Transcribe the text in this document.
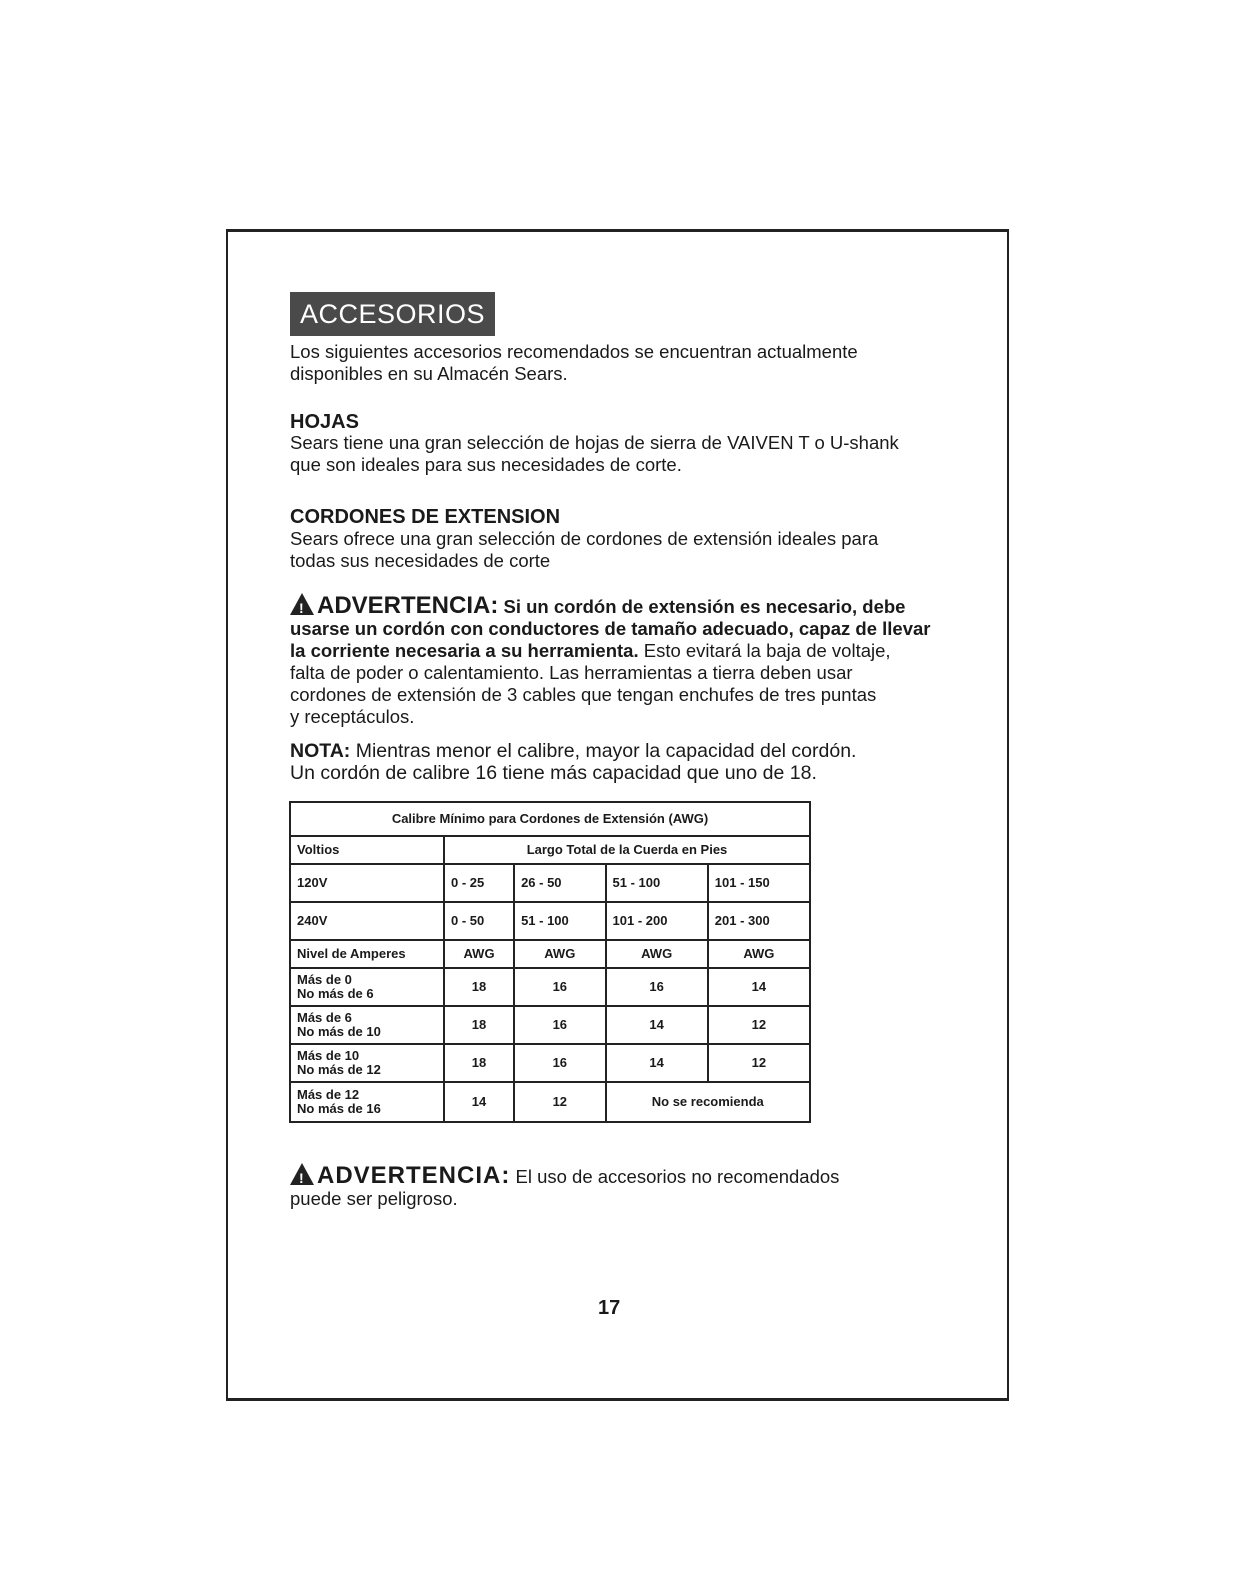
ACCESORIOS
Los siguientes accesorios recomendados se encuentran actualmente
disponibles en su Almacén Sears.
HOJAS
Sears tiene una gran selección de hojas de sierra de VAIVEN T o U-shank
que son ideales para sus necesidades de corte.
CORDONES DE EXTENSION
Sears ofrece una gran selección de cordones de extensión ideales para
todas sus necesidades de corte
!ADVERTENCIA: Si un cordón de extensión es necesario, debe
usarse un cordón con conductores de tamaño adecuado, capaz de llevar
la corriente necesaria a su herramienta. Esto evitará la baja de voltaje,
falta de poder o calentamiento. Las herramientas a tierra deben usar
cordones de extensión de 3 cables que tengan enchufes de tres puntas
y receptáculos.
NOTA: Mientras menor el calibre, mayor la capacidad del cordón.
Un cordón de calibre 16 tiene más capacidad que uno de 18.
Calibre Mínimo para Cordones de Extensión (AWG)				
Voltios	Largo Total de la Cuerda en Pies			
120V	0 - 25	26 - 50	51 - 100	101 - 150
240V	0 - 50	51 - 100	101 - 200	201 - 300
Nivel de Amperes	AWG	AWG	AWG	AWG

Más de 0
No más de 6	18	16	16	14

Más de 6
No más de 10	18	16	14	12

Más de 10
No más de 12	18	16	14	12

Más de 12
No más de 16	14	12	No se recomienda	
!ADVERTENCIA: El uso de accesorios no recomendados
puede ser peligroso.
17
